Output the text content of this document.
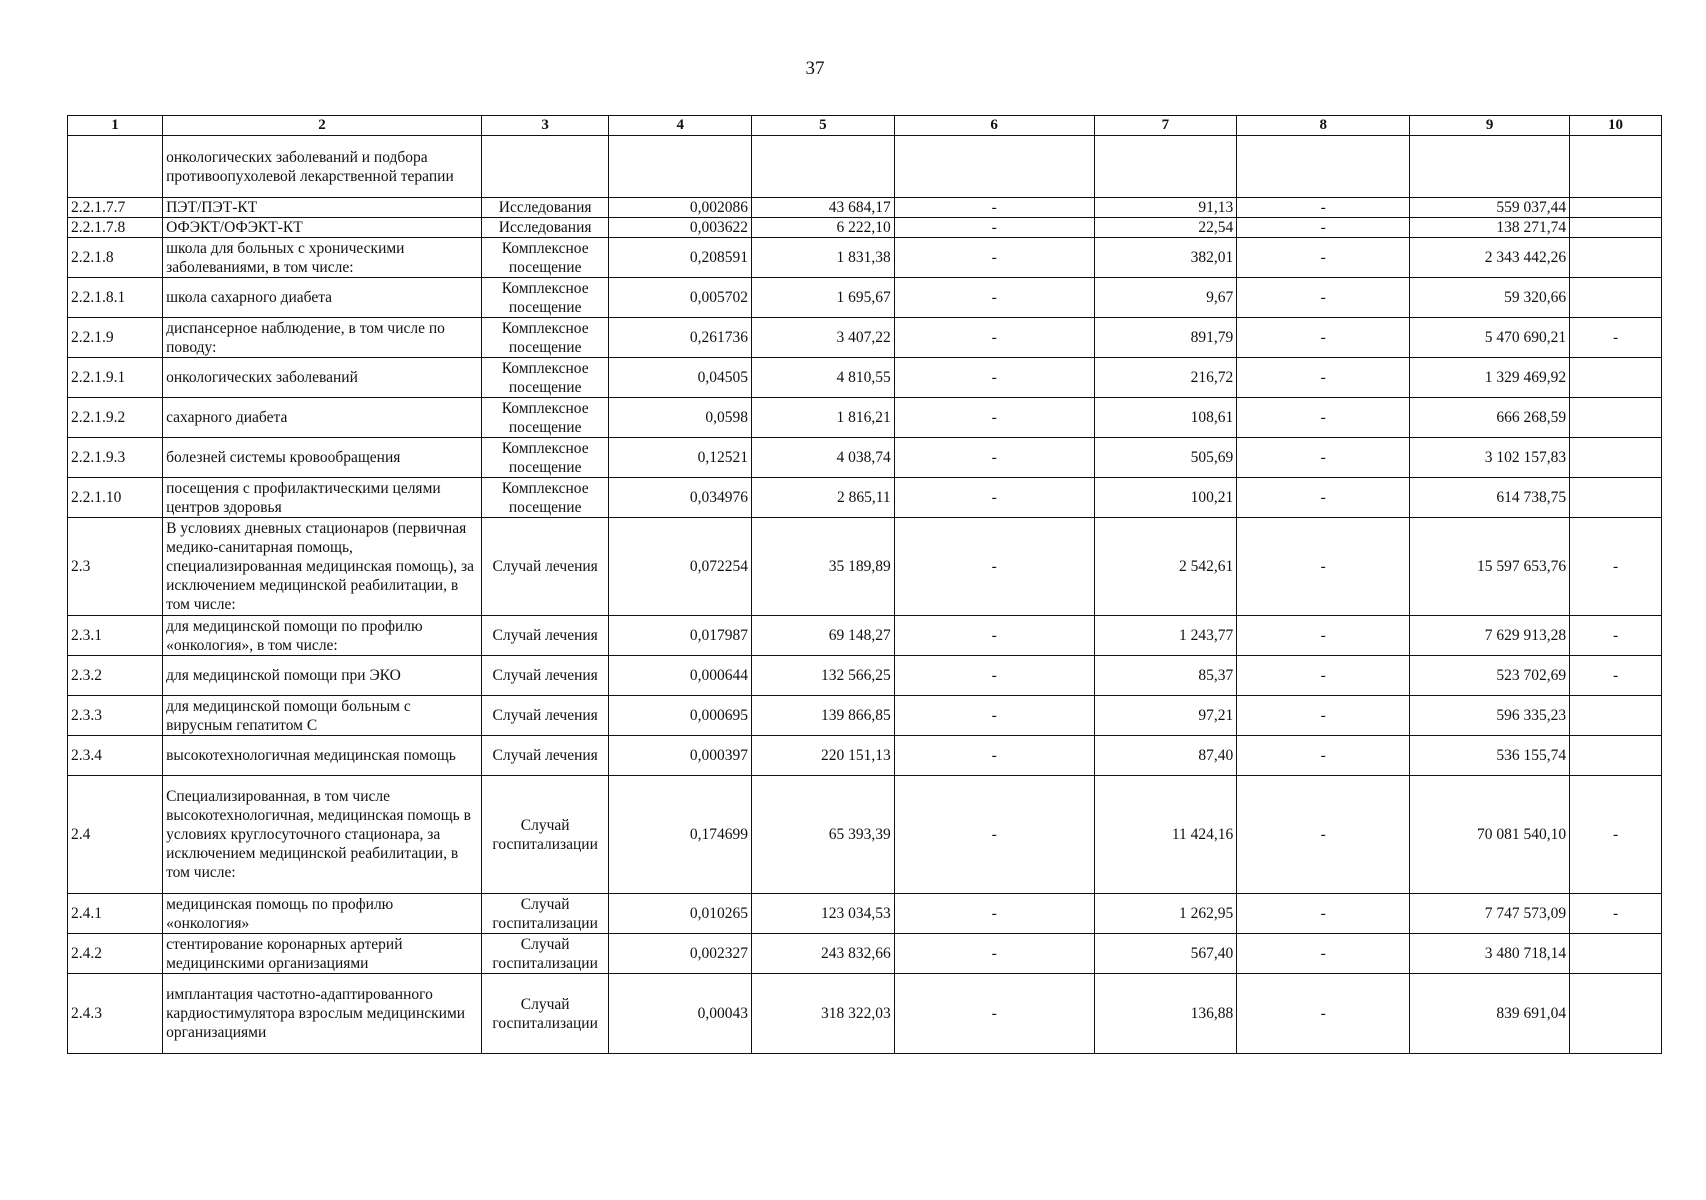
37
1	2	3	4	5	6	7	8	9	10
	онкологических заболеваний и подбора противоопухолевой лекарственной терапии								
2.2.1.7.7	ПЭТ/ПЭТ-КТ	Исследования	0,002086	43 684,17	-	91,13	-	559 037,44	
2.2.1.7.8	ОФЭКТ/ОФЭКТ-КТ	Исследования	0,003622	6 222,10	-	22,54	-	138 271,74	
2.2.1.8	школа для больных с хроническими заболеваниями, в том числе:	Комплексное посещение	0,208591	1 831,38	-	382,01	-	2 343 442,26	
2.2.1.8.1	школа сахарного диабета	Комплексное посещение	0,005702	1 695,67	-	9,67	-	59 320,66	
2.2.1.9	диспансерное наблюдение, в том числе по поводу:	Комплексное посещение	0,261736	3 407,22	-	891,79	-	5 470 690,21	-
2.2.1.9.1	онкологических заболеваний	Комплексное посещение	0,04505	4 810,55	-	216,72	-	1 329 469,92	
2.2.1.9.2	сахарного диабета	Комплексное посещение	0,0598	1 816,21	-	108,61	-	666 268,59	
2.2.1.9.3	болезней системы кровообращения	Комплексное посещение	0,12521	4 038,74	-	505,69	-	3 102 157,83	
2.2.1.10	посещения с профилактическими целями центров здоровья	Комплексное посещение	0,034976	2 865,11	-	100,21	-	614 738,75	
2.3	В условиях дневных стационаров (первичная медико-санитарная помощь, специализированная медицинская помощь), за исключением медицинской реабилитации, в том числе:	Случай лечения	0,072254	35 189,89	-	2 542,61	-	15 597 653,76	-
2.3.1	для медицинской помощи по профилю «онкология», в том числе:	Случай лечения	0,017987	69 148,27	-	1 243,77	-	7 629 913,28	-
2.3.2	для медицинской помощи при ЭКО	Случай лечения	0,000644	132 566,25	-	85,37	-	523 702,69	-
2.3.3	для медицинской помощи больным с вирусным гепатитом С	Случай лечения	0,000695	139 866,85	-	97,21	-	596 335,23	
2.3.4	высокотехнологичная медицинская помощь	Случай лечения	0,000397	220 151,13	-	87,40	-	536 155,74	
2.4	Специализированная, в том числе высокотехнологичная, медицинская помощь в условиях круглосуточного стационара, за исключением медицинской реабилитации, в том числе:	Случай госпитализации	0,174699	65 393,39	-	11 424,16	-	70 081 540,10	-
2.4.1	медицинская помощь по профилю «онкология»	Случай госпитализации	0,010265	123 034,53	-	1 262,95	-	7 747 573,09	-
2.4.2	стентирование коронарных артерий медицинскими организациями	Случай госпитализации	0,002327	243 832,66	-	567,40	-	3 480 718,14	
2.4.3	имплантация частотно-адаптированного кардиостимулятора взрослым медицинскими организациями	Случай госпитализации	0,00043	318 322,03	-	136,88	-	839 691,04	
